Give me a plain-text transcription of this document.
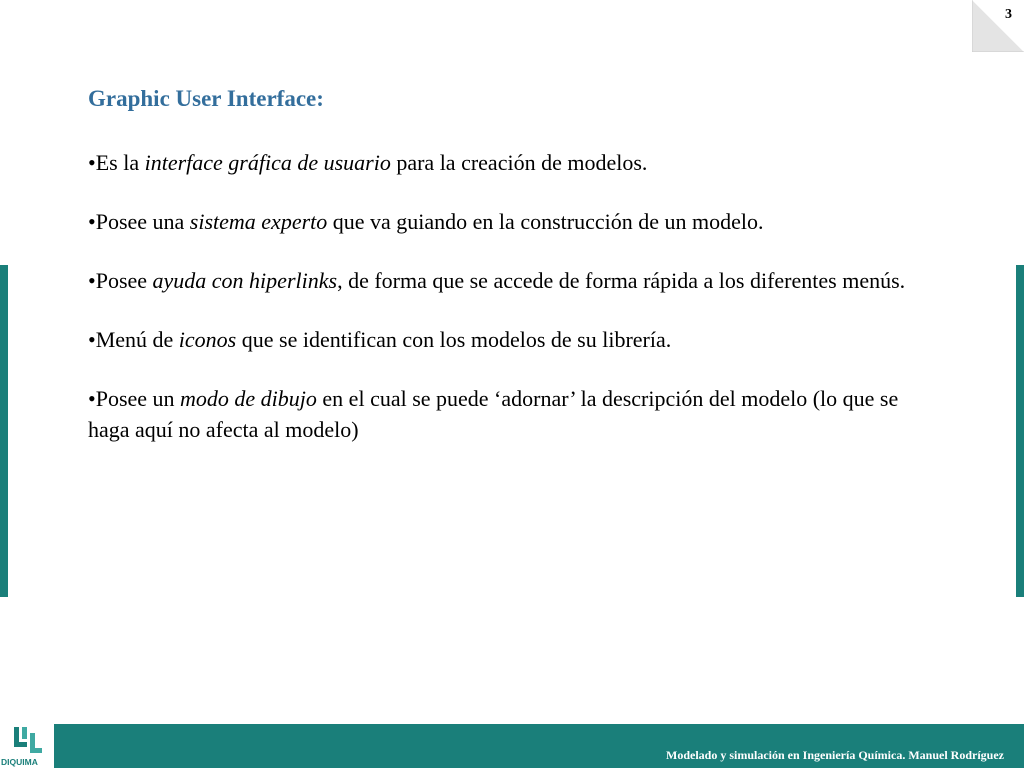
3
Graphic User Interface:

•Es la interface gráfica de usuario para la creación de modelos.

•Posee una sistema experto que va guiando en la construcción de un modelo.

•Posee ayuda con hiperlinks, de forma que se accede de forma rápida a los diferentes menús.

•Menú de iconos que se identifican con los modelos de su librería.

•Posee un modo de dibujo en el cual se puede ‘adornar’ la descripción del modelo (lo que se haga aquí no afecta al modelo)

DIQUIMA	Modelado y simulación en Ingeniería Química. Manuel Rodríguez
